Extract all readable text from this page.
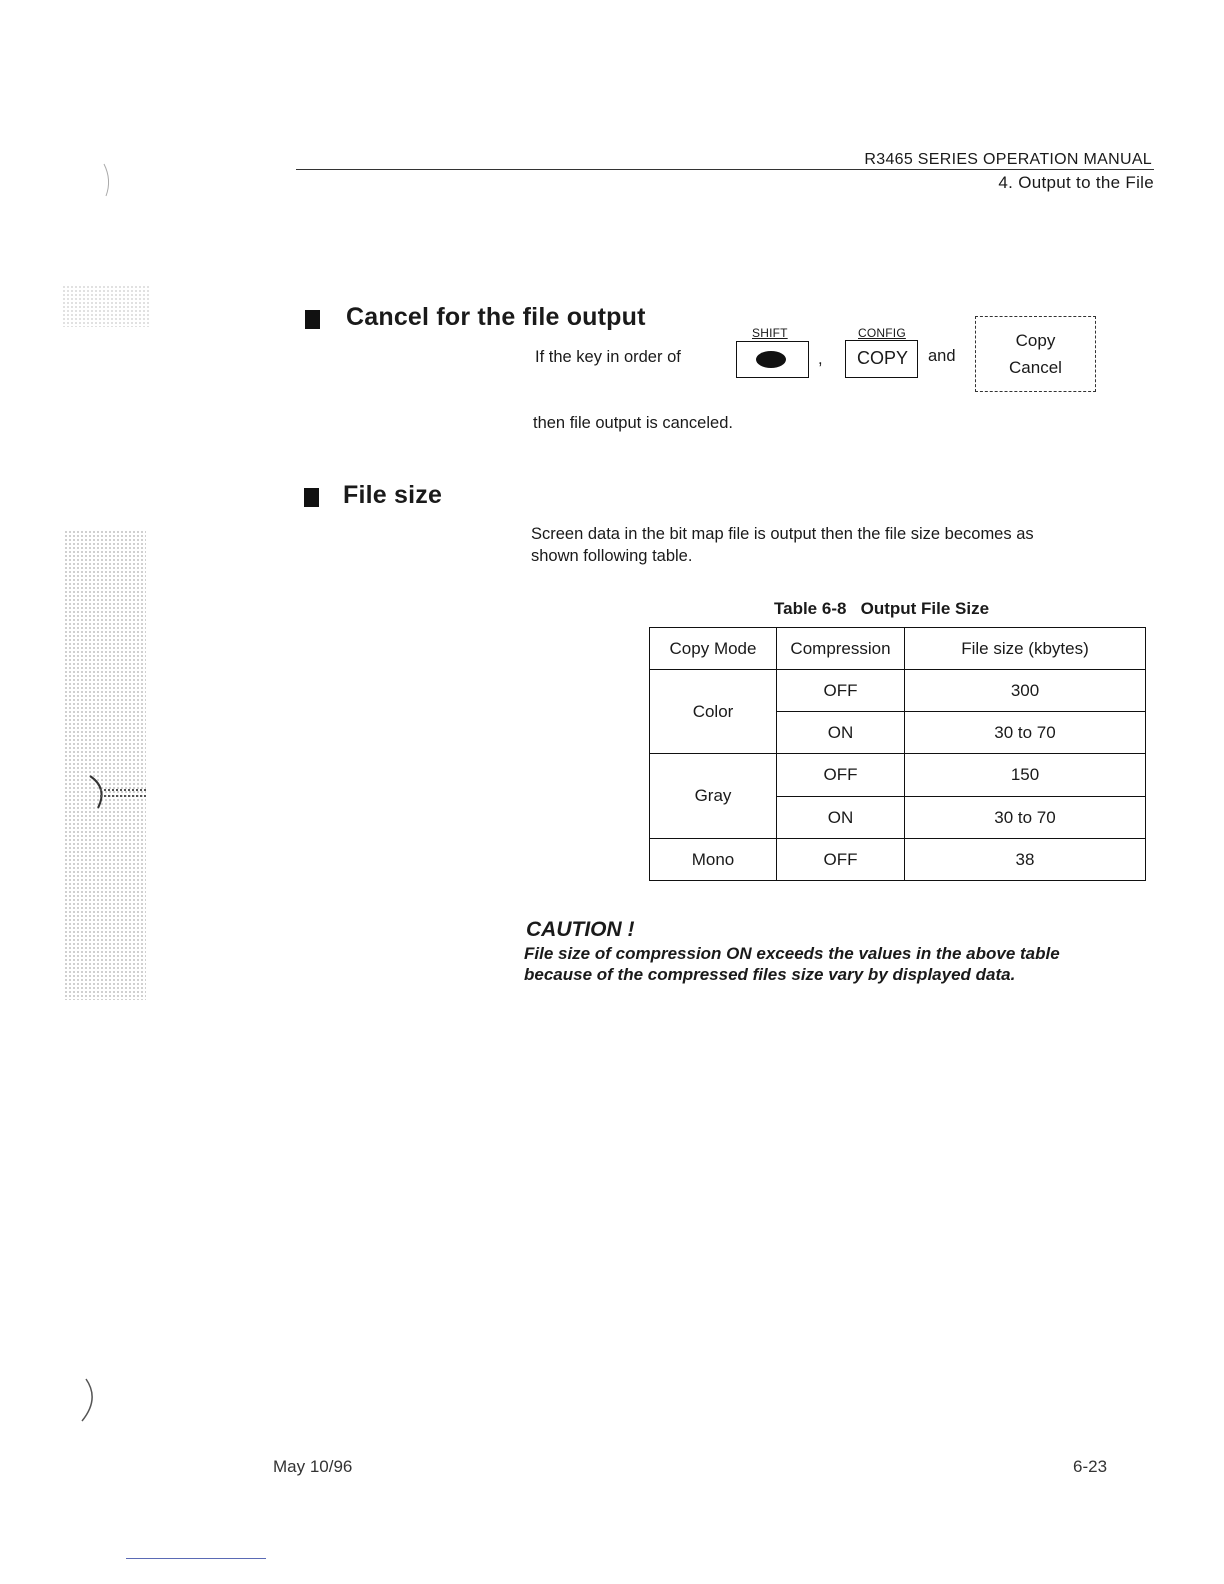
R3465 SERIES OPERATION MANUAL
4. Output to the File
Cancel for the file output
If the key in order of
SHIFT
,
CONFIG
COPY and
Copy
Cancel
then file output is canceled.
File size
Screen data in the bit map file is output then the file size becomes as
shown following table.
Table 6-8   Output File Size
Copy Mode	Compression	File size (kbytes)
Color	OFF	300
	ON	30 to 70
Gray	OFF	150
	ON	30 to 70
Mono	OFF	38
CAUTION !
File size of compression ON exceeds the values in the above table
because of the compressed files size vary by displayed data.
May 10/96	6-23
